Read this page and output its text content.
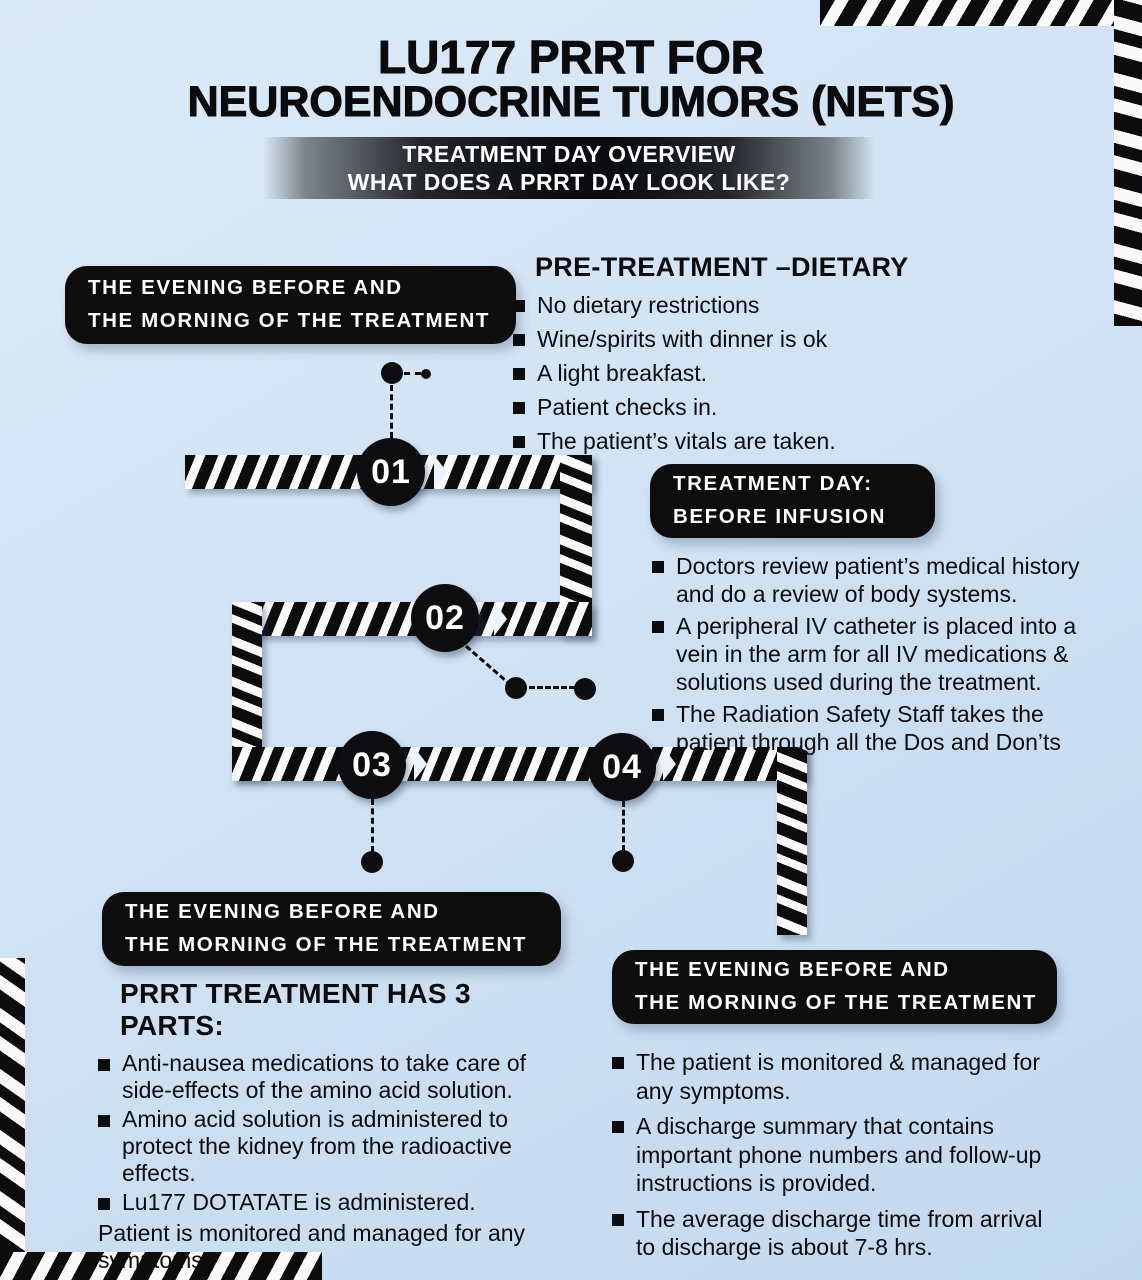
LU177 PRRT FOR
NEUROENDOCRINE TUMORS (NETS)
TREATMENT DAY OVERVIEW
WHAT DOES A PRRT DAY LOOK LIKE?
THE EVENING BEFORE AND
THE MORNING OF THE TREATMENT
PRE-TREATMENT –DIETARY
No dietary restrictions
Wine/spirits with dinner is ok
A light breakfast.
Patient checks in.
The patient’s vitals are taken.
01
02
03	04
TREATMENT DAY:
BEFORE INFUSION
Doctors review patient’s medical history and do a review of body systems.
A peripheral IV catheter is placed into a vein in the arm for all IV medications & solutions used during the treatment.
The Radiation Safety Staff takes the patient through all the Dos and Don’ts
THE EVENING BEFORE AND
THE MORNING OF THE TREATMENT
PRRT TREATMENT HAS 3 PARTS:
Anti-nausea medications to take care of side-effects of the amino acid solution.
Amino acid solution is administered to protect the kidney from the radioactive effects.
Lu177 DOTATATE is administered.
Patient is monitored and managed for any symptoms
THE EVENING BEFORE AND
THE MORNING OF THE TREATMENT
The patient is monitored & managed for any symptoms.
A discharge summary that contains important phone numbers and follow-up instructions is provided.
The average discharge time from arrival to discharge is about 7-8 hrs.
